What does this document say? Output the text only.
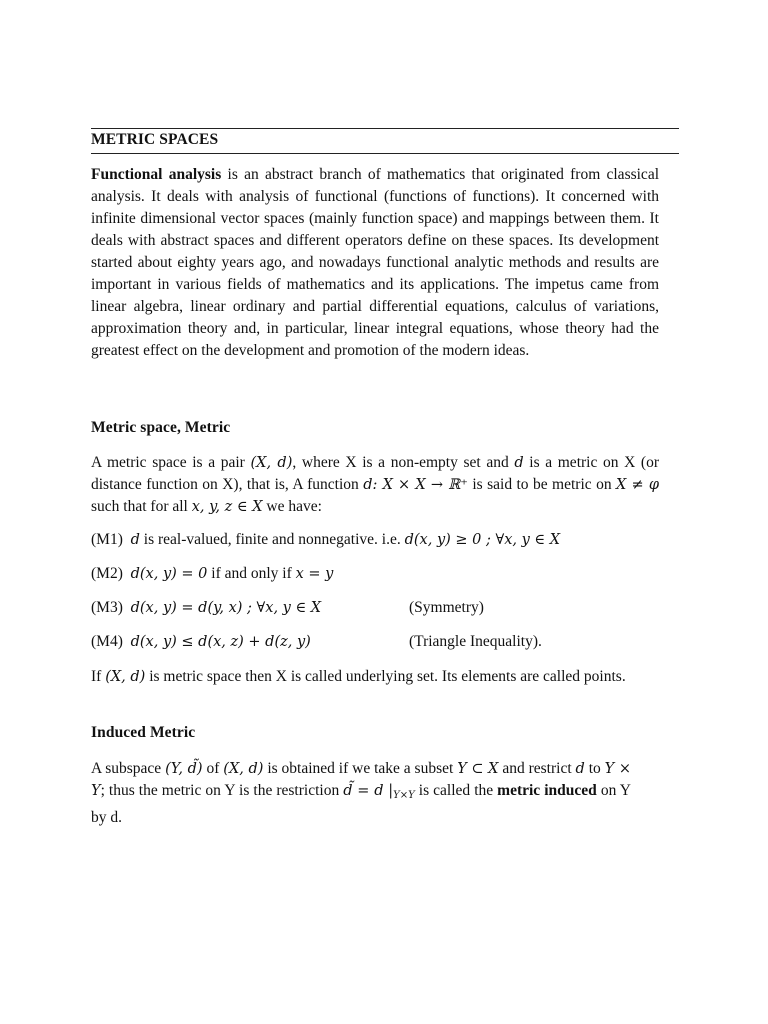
METRIC SPACES

Functional analysis is an abstract branch of mathematics that originated from classical analysis. It deals with analysis of functional (functions of functions). It concerned with infinite dimensional vector spaces (mainly function space) and mappings between them. It deals with abstract spaces and different operators define on these spaces. Its development started about eighty years ago, and nowadays functional analytic methods and results are important in various fields of mathematics and its applications. The impetus came from linear algebra, linear ordinary and partial differential equations, calculus of variations, approximation theory and, in particular, linear integral equations, whose theory had the greatest effect on the development and promotion of the modern ideas.

Metric space, Metric

A metric space is a pair (X, d), where X is a non-empty set and d is a metric on X (or distance function on X), that is, A function d: X × X → ℝ⁺ is said to be metric on X ≠ φ such that for all x, y, z ∈ X we have:

(M1) d is real-valued, finite and nonnegative. i.e. d(x, y) ≥ 0 ; ∀x, y ∈ X
(M2) d(x, y) = 0 if and only if x = y
(M3) d(x, y) = d(y, x) ; ∀x, y ∈ X	(Symmetry)
(M4) d(x, y) ≤ d(x, z) + d(z, y)	(Triangle Inequality).

If (X, d) is metric space then X is called underlying set. Its elements are called points.

Induced Metric

A subspace (Y, d̃) of (X, d) is obtained if we take a subset Y ⊂ X and restrict d to Y × Y; thus the metric on Y is the restriction d̃ = d $|_{Y\times Y}$ is called the metric induced on Y by d.
